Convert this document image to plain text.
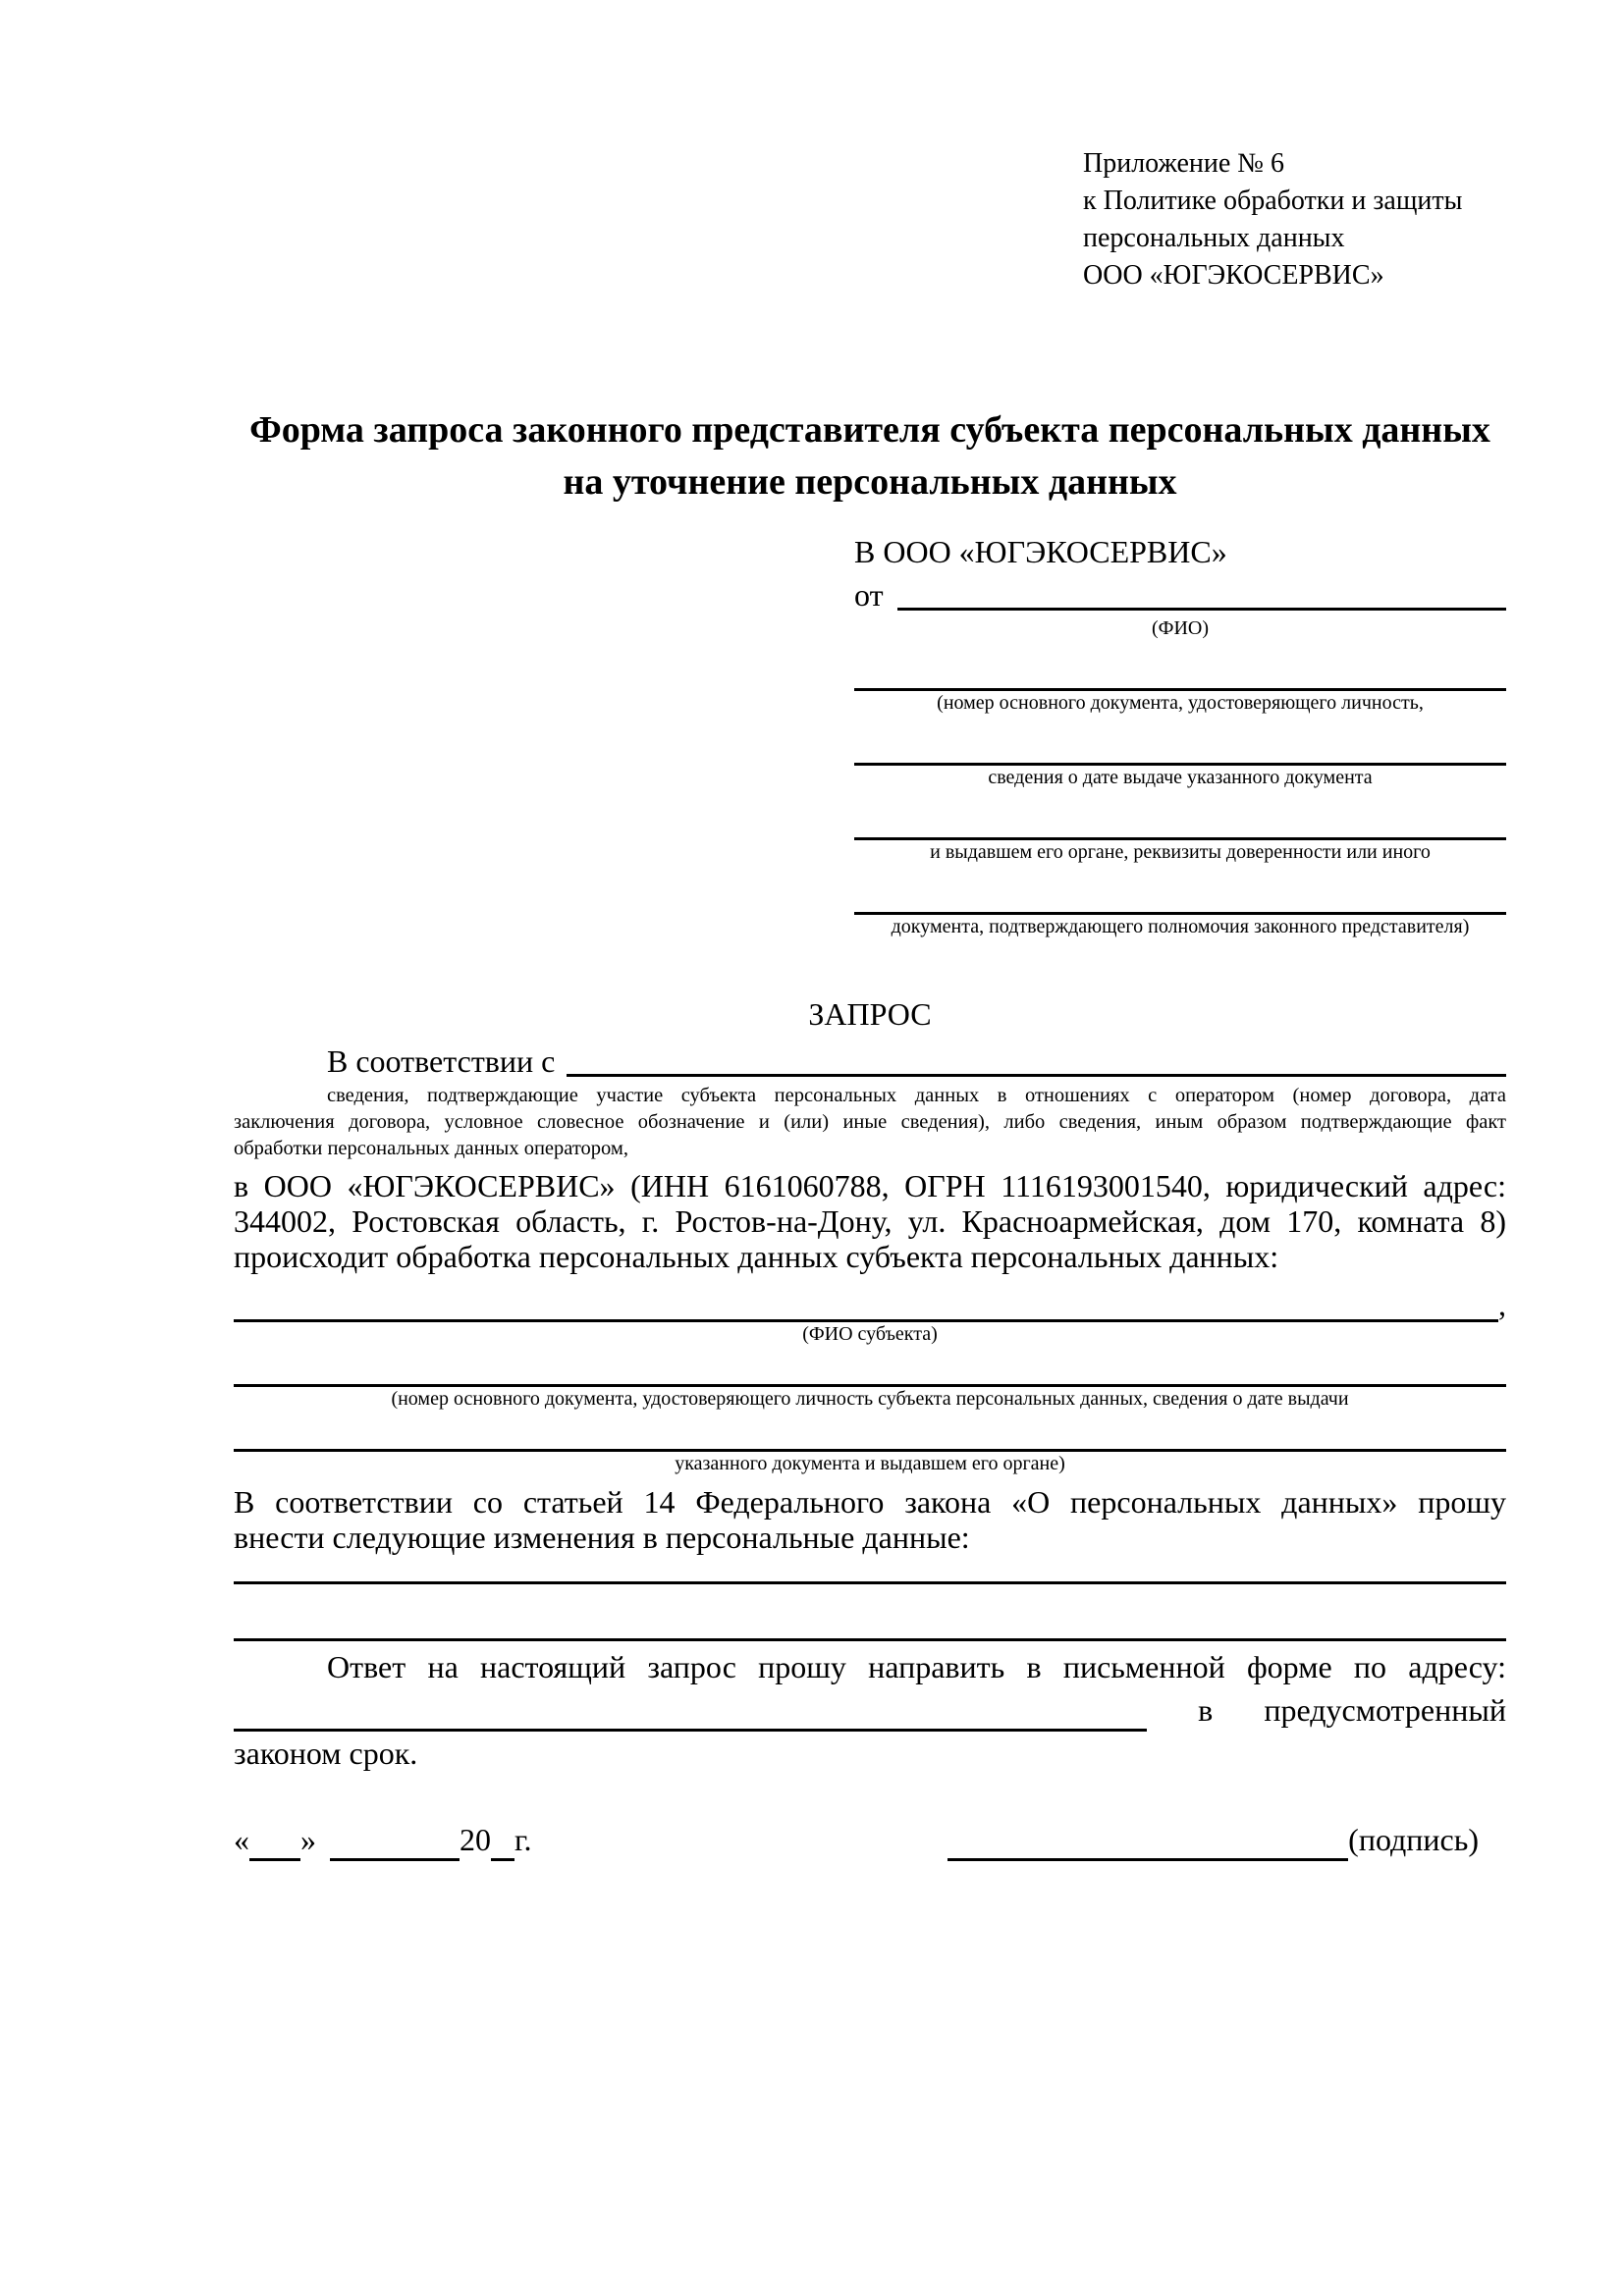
Приложение № 6
к Политике обработки и защиты
персональных данных
ООО «ЮГЭКОСЕРВИС»
Форма запроса законного представителя субъекта персональных данных
на уточнение персональных данных
В ООО «ЮГЭКОСЕРВИС»
от
(ФИО)
(номер основного документа, удостоверяющего личность,
сведения о дате выдаче указанного документа
и выдавшем его органе, реквизиты доверенности или иного
документа, подтверждающего полномочия законного представителя)
ЗАПРОС
В соответствии с
сведения, подтверждающие участие субъекта персональных данных в отношениях с оператором (номер договора, дата
заключения договора, условное словесное обозначение и (или) иные сведения), либо сведения, иным образом подтверждающие факт
обработки персональных данных оператором,
в ООО «ЮГЭКОСЕРВИС» (ИНН 6161060788, ОГРН 1116193001540, юридический адрес:
344002, Ростовская область, г. Ростов-на-Дону, ул. Красноармейская, дом 170, комната 8)
происходит обработка персональных данных субъекта персональных данных:
,
(ФИО субъекта)
(номер основного документа, удостоверяющего личность субъекта персональных данных, сведения о дате выдачи
указанного документа и выдавшем его органе)
В соответствии со статьей 14 Федерального закона «О персональных данных» прошу
внести следующие изменения в персональные данные:
Ответ на настоящий запрос прошу направить в письменной форме по адресу:
в	предусмотренный
законом срок.
« »	20 г.	(подпись)
